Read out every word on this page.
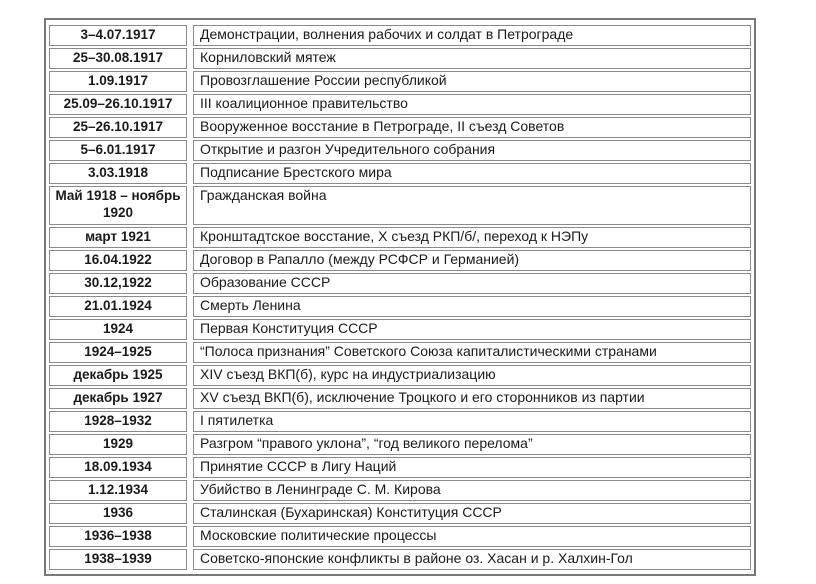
3–4.07.1917		Демонстрации, волнения рабочих и солдат в Петрограде
25–30.08.1917		Корниловский мятеж
1.09.1917		Провозглашение России республикой
25.09–26.10.1917		III коалиционное правительство
25–26.10.1917		Вооруженное восстание в Петрограде, II съезд Советов
5–6.01.1917		Открытие и разгон Учредительного собрания
3.03.1918		Подписание Брестского мира
Май 1918 – ноябрь 1920		Гражданская война
март 1921		Кронштадтское восстание, X съезд РКП/б/, переход к НЭПу
16.04.1922		Договор в Рапалло (между РСФСР и Германией)
30.12,1922		Образование СССР
21.01.1924		Смерть Ленина
1924		Первая Конституция СССР
1924–1925		“Полоса признания” Советского Союза капиталистическими странами
декабрь 1925		XIV съезд ВКП(б), курс на индустриализацию
декабрь 1927		XV съезд ВКП(б), исключение Троцкого и его сторонников из партии
1928–1932		I пятилетка
1929		Разгром “правого уклона”, “год великого перелома”
18.09.1934		Принятие СССР в Лигу Наций
1.12.1934		Убийство в Ленинграде С. М. Кирова
1936		Сталинская (Бухаринская) Конституция СССР
1936–1938		Московские политические процессы
1938–1939		Советско-японские конфликты в районе оз. Хасан и р. Халхин-Гол
